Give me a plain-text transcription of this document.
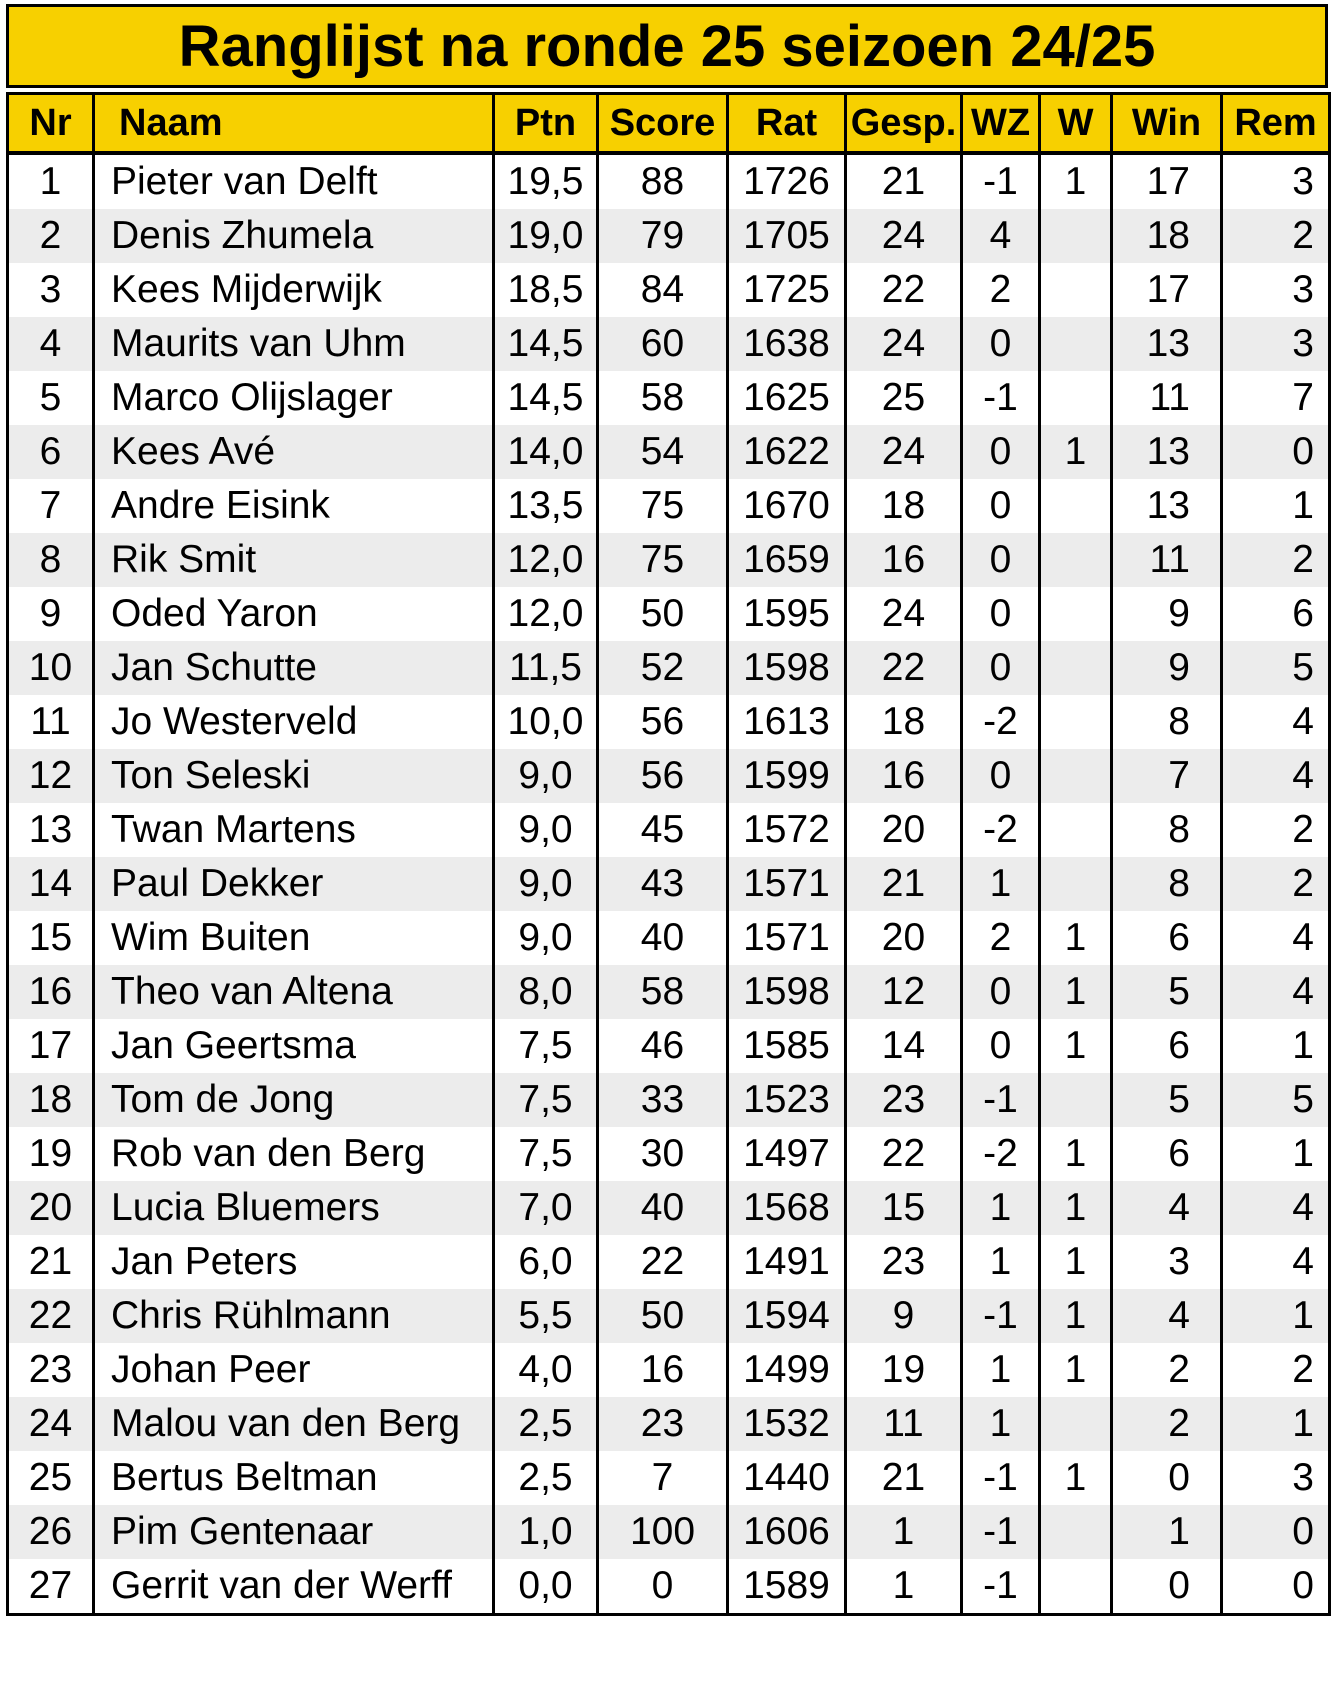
Ranglijst na ronde 25 seizoen 24/25
Nr	Naam	Ptn	Score	Rat	Gesp.	WZ	W	Win	Rem
1	Pieter van Delft	19,5	88	1726	21	-1	1	17	3
2	Denis Zhumela	19,0	79	1705	24	4		18	2
3	Kees Mijderwijk	18,5	84	1725	22	2		17	3
4	Maurits van Uhm	14,5	60	1638	24	0		13	3
5	Marco Olijslager	14,5	58	1625	25	-1		11	7
6	Kees Avé	14,0	54	1622	24	0	1	13	0
7	Andre Eisink	13,5	75	1670	18	0		13	1
8	Rik Smit	12,0	75	1659	16	0		11	2
9	Oded Yaron	12,0	50	1595	24	0		9	6
10	Jan Schutte	11,5	52	1598	22	0		9	5
11	Jo Westerveld	10,0	56	1613	18	-2		8	4
12	Ton Seleski	9,0	56	1599	16	0		7	4
13	Twan Martens	9,0	45	1572	20	-2		8	2
14	Paul Dekker	9,0	43	1571	21	1		8	2
15	Wim Buiten	9,0	40	1571	20	2	1	6	4
16	Theo van Altena	8,0	58	1598	12	0	1	5	4
17	Jan Geertsma	7,5	46	1585	14	0	1	6	1
18	Tom de Jong	7,5	33	1523	23	-1		5	5
19	Rob van den Berg	7,5	30	1497	22	-2	1	6	1
20	Lucia Bluemers	7,0	40	1568	15	1	1	4	4
21	Jan Peters	6,0	22	1491	23	1	1	3	4
22	Chris Rühlmann	5,5	50	1594	9	-1	1	4	1
23	Johan Peer	4,0	16	1499	19	1	1	2	2
24	Malou van den Berg	2,5	23	1532	11	1		2	1
25	Bertus Beltman	2,5	7	1440	21	-1	1	0	3
26	Pim Gentenaar	1,0	100	1606	1	-1		1	0
27	Gerrit van der Werff	0,0	0	1589	1	-1		0	0
